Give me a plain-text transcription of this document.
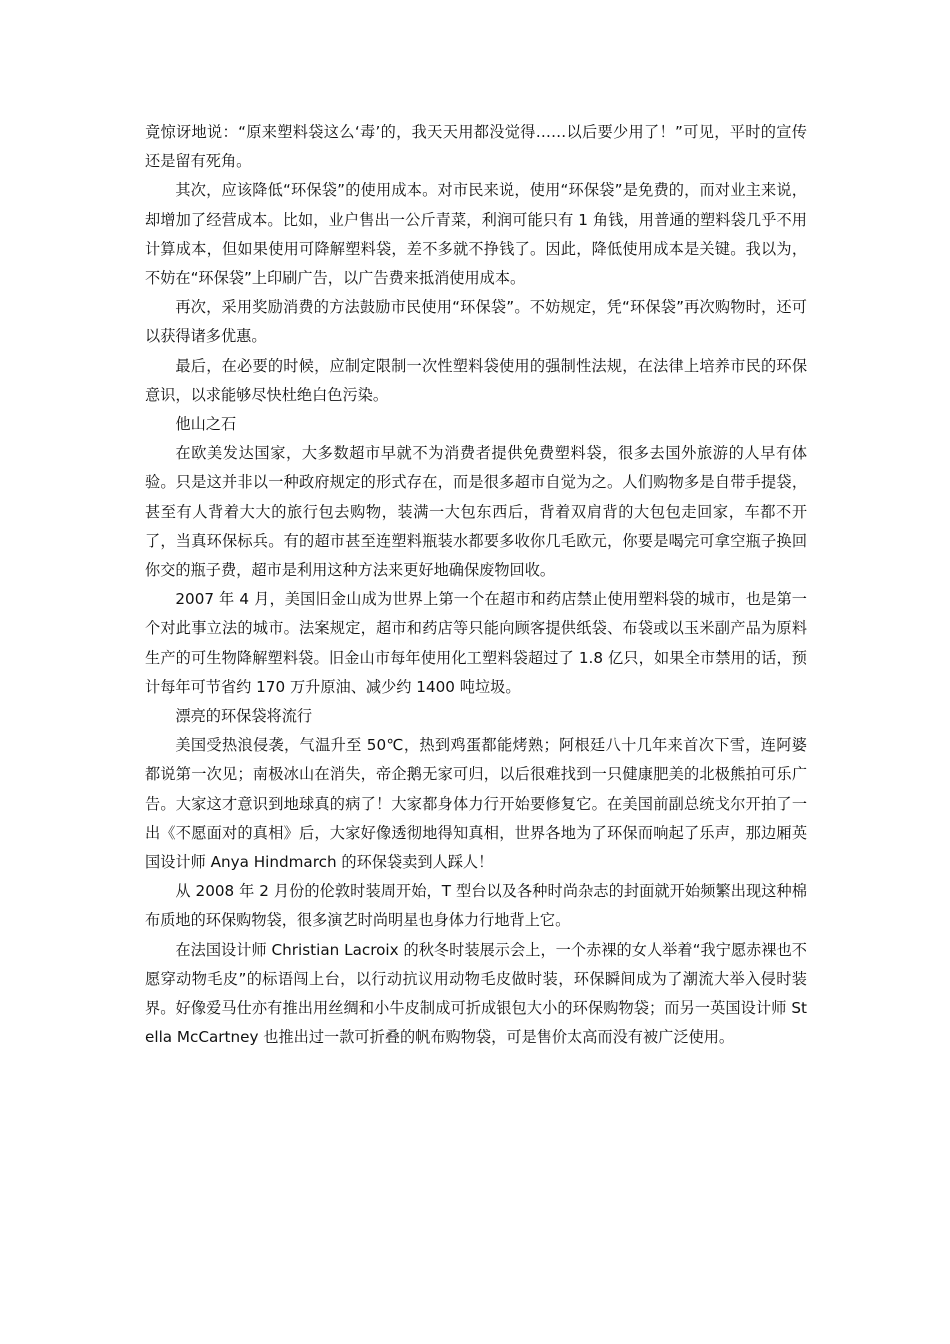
竟惊讶地说：“原来塑料袋这么‘毒’的，我天天用都没觉得……以后要少用了！”可见，平时的宣传还是留有死角。

其次，应该降低“环保袋”的使用成本。对市民来说，使用“环保袋”是免费的，而对业主来说，却增加了经营成本。比如，业户售出一公斤青菜，利润可能只有 1 角钱，用普通的塑料袋几乎不用计算成本，但如果使用可降解塑料袋，差不多就不挣钱了。因此，降低使用成本是关键。我以为，不妨在“环保袋”上印刷广告，以广告费来抵消使用成本。

再次，采用奖励消费的方法鼓励市民使用“环保袋”。不妨规定，凭“环保袋”再次购物时，还可以获得诸多优惠。

最后，在必要的时候，应制定限制一次性塑料袋使用的强制性法规，在法律上培养市民的环保意识，以求能够尽快杜绝白色污染。

他山之石

在欧美发达国家，大多数超市早就不为消费者提供免费塑料袋，很多去国外旅游的人早有体验。只是这并非以一种政府规定的形式存在，而是很多超市自觉为之。人们购物多是自带手提袋，甚至有人背着大大的旅行包去购物，装满一大包东西后，背着双肩背的大包包走回家，车都不开了，当真环保标兵。有的超市甚至连塑料瓶装水都要多收你几毛欧元，你要是喝完可拿空瓶子换回你交的瓶子费，超市是利用这种方法来更好地确保废物回收。

2007 年 4 月，美国旧金山成为世界上第一个在超市和药店禁止使用塑料袋的城市，也是第一个对此事立法的城市。法案规定，超市和药店等只能向顾客提供纸袋、布袋或以玉米副产品为原料生产的可生物降解塑料袋。旧金山市每年使用化工塑料袋超过了 1.8 亿只，如果全市禁用的话，预计每年可节省约 170 万升原油、减少约 1400 吨垃圾。

漂亮的环保袋将流行

美国受热浪侵袭，气温升至 50℃，热到鸡蛋都能烤熟；阿根廷八十几年来首次下雪，连阿婆都说第一次见；南极冰山在消失，帝企鹅无家可归，以后很难找到一只健康肥美的北极熊拍可乐广告。大家这才意识到地球真的病了！大家都身体力行开始要修复它。在美国前副总统戈尔开拍了一出《不愿面对的真相》后，大家好像透彻地得知真相，世界各地为了环保而响起了乐声，那边厢英国设计师 Anya Hindmarch 的环保袋卖到人踩人！

从 2008 年 2 月份的伦敦时装周开始，T 型台以及各种时尚杂志的封面就开始频繁出现这种棉布质地的环保购物袋，很多演艺时尚明星也身体力行地背上它。

在法国设计师 Christian Lacroix 的秋冬时装展示会上，一个赤裸的女人举着“我宁愿赤裸也不愿穿动物毛皮”的标语闯上台，以行动抗议用动物毛皮做时装，环保瞬间成为了潮流大举入侵时装界。好像爱马仕亦有推出用丝绸和小牛皮制成可折成银包大小的环保购物袋；而另一英国设计师 Stella McCartney 也推出过一款可折叠的帆布购物袋，可是售价太高而没有被广泛使用。
